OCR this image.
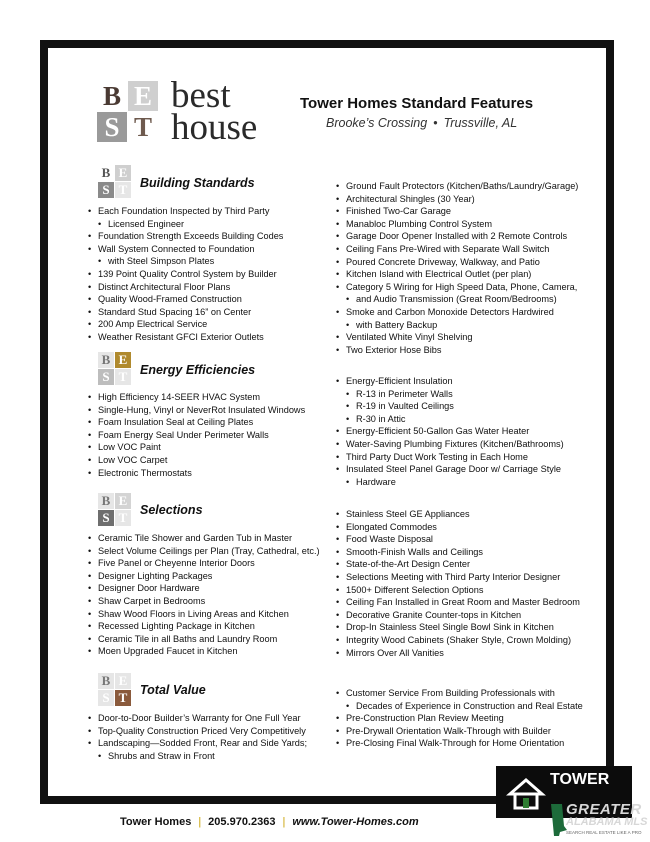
B E
S T
best
house
Tower Homes Standard Features
Brooke’s Crossing • Trussville, AL
B E
S T Building Standards
• Each Foundation Inspected by Third Party
• Licensed Engineer
• Foundation Strength Exceeds Building Codes
• Wall System Connected to Foundation
• with Steel Simpson Plates
• 139 Point Quality Control System by Builder
• Distinct Architectural Floor Plans
• Quality Wood-Framed Construction
• Standard Stud Spacing 16” on Center
• 200 Amp Electrical Service
• Weather Resistant GFCI Exterior Outlets
• Ground Fault Protectors (Kitchen/Baths/Laundry/Garage)
• Architectural Shingles (30 Year)
• Finished Two-Car Garage
• Manabloc Plumbing Control System
• Garage Door Opener Installed with 2 Remote Controls
• Ceiling Fans Pre-Wired with Separate Wall Switch
• Poured Concrete Driveway, Walkway, and Patio
• Kitchen Island with Electrical Outlet (per plan)
• Category 5 Wiring for High Speed Data, Phone, Camera,
• and Audio Transmission (Great Room/Bedrooms)
• Smoke and Carbon Monoxide Detectors Hardwired
• with Battery Backup
• Ventilated White Vinyl Shelving
• Two Exterior Hose Bibs
B E
S T Energy Efficiencies
• High Efficiency 14-SEER HVAC System
• Single-Hung, Vinyl or NeverRot Insulated Windows
• Foam Insulation Seal at Ceiling Plates
• Foam Energy Seal Under Perimeter Walls
• Low VOC Paint
• Low VOC Carpet
• Electronic Thermostats
• Energy-Efficient Insulation
• R-13 in Perimeter Walls
• R-19 in Vaulted Ceilings
• R-30 in Attic
• Energy-Efficient 50-Gallon Gas Water Heater
• Water-Saving Plumbing Fixtures (Kitchen/Bathrooms)
• Third Party Duct Work Testing in Each Home
• Insulated Steel Panel Garage Door w/ Carriage Style
• Hardware
B E
S T Selections
• Ceramic Tile Shower and Garden Tub in Master
• Select Volume Ceilings per Plan (Tray, Cathedral, etc.)
• Five Panel or Cheyenne Interior Doors
• Designer Lighting Packages
• Designer Door Hardware
• Shaw Carpet in Bedrooms
• Shaw Wood Floors in Living Areas and Kitchen
• Recessed Lighting Package in Kitchen
• Ceramic Tile in all Baths and Laundry Room
• Moen Upgraded Faucet in Kitchen
• Stainless Steel GE Appliances
• Elongated Commodes
• Food Waste Disposal
• Smooth-Finish Walls and Ceilings
• State-of-the-Art Design Center
• Selections Meeting with Third Party Interior Designer
• 1500+ Different Selection Options
• Ceiling Fan Installed in Great Room and Master Bedroom
• Decorative Granite Counter-tops in Kitchen
• Drop-In Stainless Steel Single Bowl Sink in Kitchen
• Integrity Wood Cabinets (Shaker Style, Crown Molding)
• Mirrors Over All Vanities
B E
S T Total Value
• Door-to-Door Builder’s Warranty for One Full Year
• Top-Quality Construction Priced Very Competitively
• Landscaping—Sodded Front, Rear and Side Yards;
• Shrubs and Straw in Front
• Customer Service From Building Professionals with
• Decades of Experience in Construction and Real Estate
• Pre-Construction Plan Review Meeting
• Pre-Drywall Orientation Walk-Through with Builder
• Pre-Closing Final Walk-Through for Home Orientation
TOWER
GREATER
ALABAMA MLS
SEARCH REAL ESTATE LIKE A PRO
Tower Homes | 205.970.2363 | www.Tower-Homes.com
